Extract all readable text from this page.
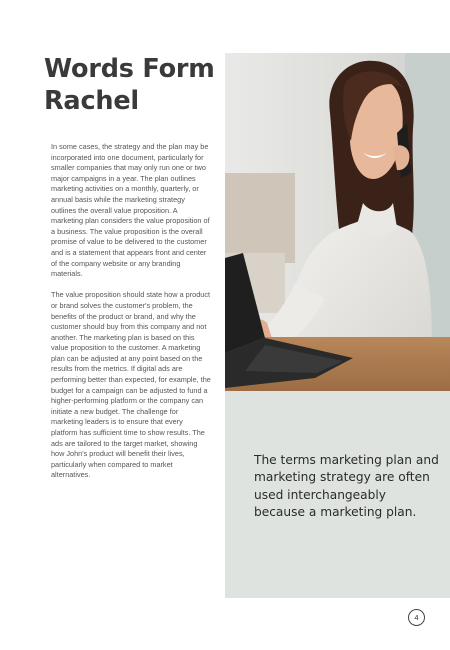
Words Form Rachel

In some cases, the strategy and the plan may be incorporated into one document, particularly for smaller companies that may only run one or two major campaigns in a year. The plan outlines marketing activities on a monthly, quarterly, or annual basis while the marketing strategy outlines the overall value proposition. A marketing plan considers the value proposition of a business. The value proposition is the overall promise of value to be delivered to the customer and is a statement that appears front and center of the company website or any branding materials.

The value proposition should state how a product or brand solves the customer's problem, the benefits of the product or brand, and why the customer should buy from this company and not another. The marketing plan is based on this value proposition to the customer. A marketing plan can be adjusted at any point based on the results from the metrics. If digital ads are performing better than expected, for example, the budget for a campaign can be adjusted to fund a higher-performing platform or the company can initiate a new budget. The challenge for marketing leaders is to ensure that every platform has sufficient time to show results. The ads are tailored to the target market, showing how John's product will benefit their lives, particularly when compared to market alternatives.

The terms marketing plan and marketing strategy are often used interchangeably because a marketing plan.

4
